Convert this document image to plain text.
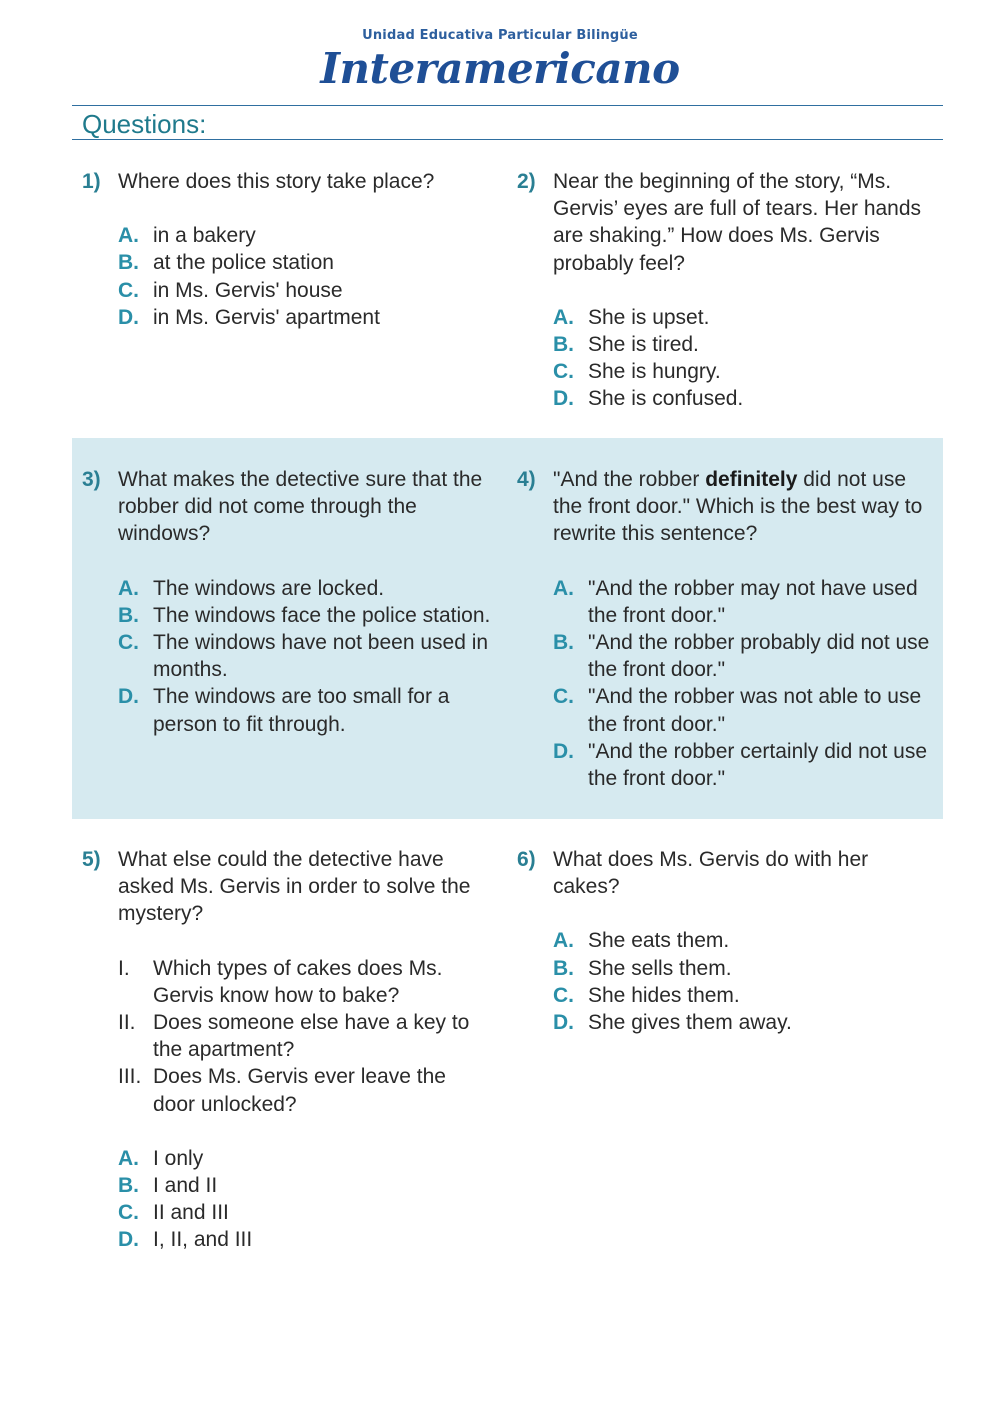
Unidad Educativa Particular Bilingüe
Interamericano
Questions:
1) Where does this story take place?
A. in a bakery
B. at the police station
C. in Ms. Gervis' house
D. in Ms. Gervis' apartment
2) Near the beginning of the story, “Ms. Gervis’ eyes are full of tears. Her hands are shaking.” How does Ms. Gervis probably feel?
A. She is upset.
B. She is tired.
C. She is hungry.
D. She is confused.
3) What makes the detective sure that the robber did not come through the windows?
A. The windows are locked.
B. The windows face the police station.
C. The windows have not been used in months.
D. The windows are too small for a person to fit through.
4) "And the robber definitely did not use the front door." Which is the best way to rewrite this sentence?
A. "And the robber may not have used the front door."
B. "And the robber probably did not use the front door."
C. "And the robber was not able to use the front door."
D. "And the robber certainly did not use the front door."
5) What else could the detective have asked Ms. Gervis in order to solve the mystery?
I.	Which types of cakes does Ms. Gervis know how to bake?
II. Does someone else have a key to the apartment?
III. Does Ms. Gervis ever leave the door unlocked?
A. I only
B. I and II
C. II and III
D. I, II, and III
6) What does Ms. Gervis do with her cakes?
A. She eats them.
B. She sells them.
C. She hides them.
D. She gives them away.
